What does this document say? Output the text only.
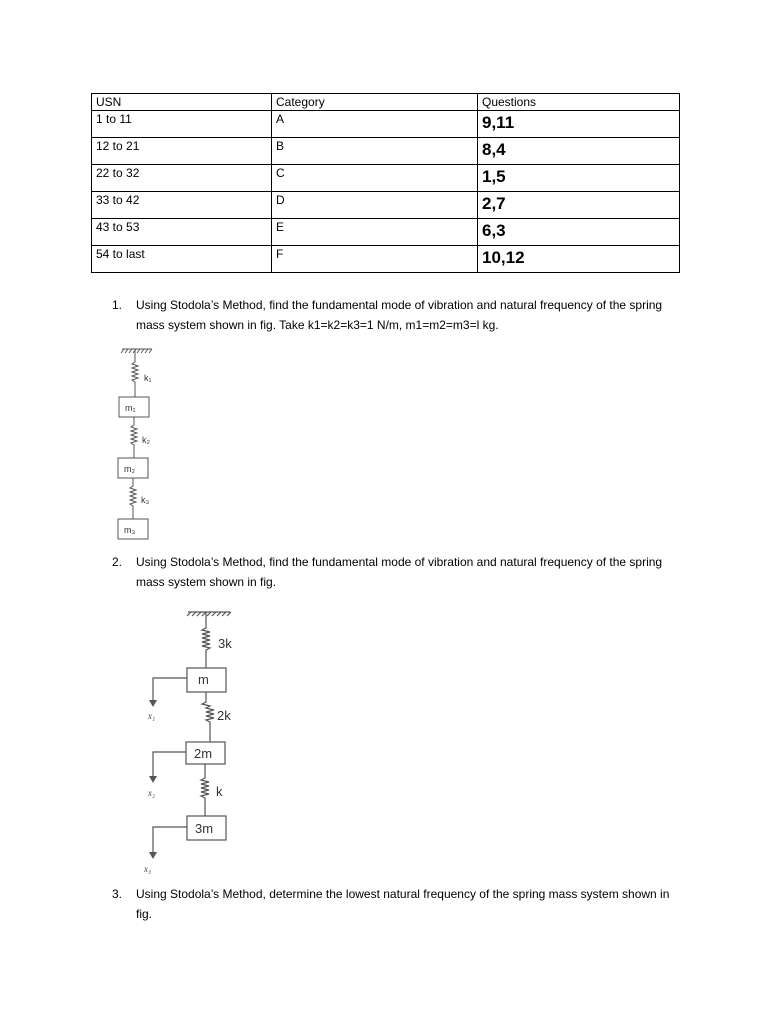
USN	Category	Questions
1 to 11	A	9,11
12 to 21	B	8,4
22 to 32	C	1,5
33 to 42	D	2,7
43 to 53	E	6,3
54 to last	F	10,12
1. Using Stodola’s Method, find the fundamental mode of vibration and natural frequency of the spring mass system shown in fig. Take k1=k2=k3=1 N/m, m1=m2=m3=l kg.
k₁
m₁
k₂
m₂
k₃
m₃
2. Using Stodola’s Method, find the fundamental mode of vibration and natural frequency of the spring mass system shown in fig.
3k
m
x₁	2k
2m
x₂	k
3m
x₃
3. Using Stodola’s Method, determine the lowest natural frequency of the spring mass system shown in fig.
